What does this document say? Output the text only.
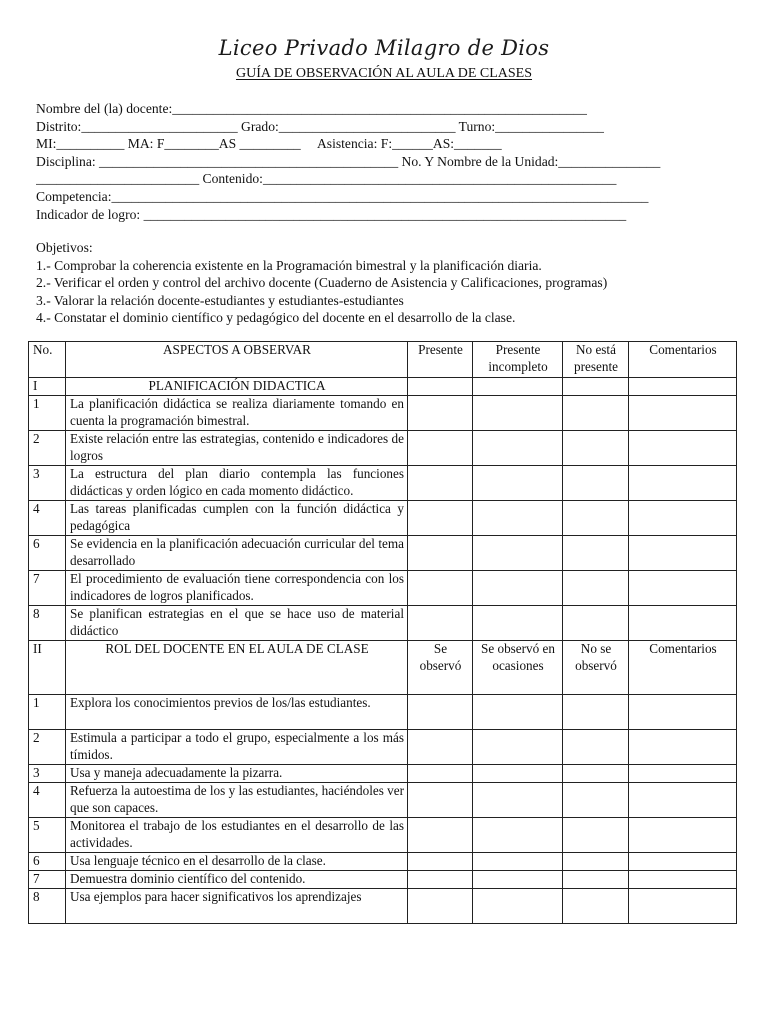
Liceo Privado Milagro de Dios
GUÍA DE OBSERVACIÓN AL AULA DE CLASES
Nombre del (la) docente:_____________________________________________________________
Distrito:_______________________ Grado:__________________________ Turno:________________
MI:__________ MA: F________AS _________     Asistencia: F:______AS:_______
Disciplina: ____________________________________________ No. Y Nombre de la Unidad:_______________
________________________ Contenido:____________________________________________________
Competencia:_______________________________________________________________________________
Indicador de logro: _______________________________________________________________________
Objetivos:
1.- Comprobar la coherencia existente en la Programación bimestral y la planificación diaria.
2.- Verificar el orden y control del archivo docente (Cuaderno de Asistencia y Calificaciones, programas)
3.- Valorar la relación docente-estudiantes y estudiantes-estudiantes
4.- Constatar el dominio científico y pedagógico del docente en el desarrollo de la clase.
No.	ASPECTOS A OBSERVAR	Presente	Presente incompleto	No está presente	Comentarios
I	PLANIFICACIÓN DIDACTICA				
1	La planificación didáctica se realiza diariamente tomando en cuenta la programación bimestral.				
2	Existe relación entre las estrategias, contenido e indicadores de logros				
3	La estructura del plan diario contempla las funciones didácticas y orden lógico en cada momento didáctico.				
4	Las tareas planificadas cumplen con la función didáctica y pedagógica				
6	Se evidencia en la planificación adecuación curricular del tema desarrollado				
7	El procedimiento de evaluación tiene correspondencia con los indicadores de logros planificados.				
8	Se planifican estrategias en el que se hace uso de material didáctico				
II	ROL DEL DOCENTE EN EL AULA DE CLASE	Se observó	Se observó en ocasiones	No se observó	Comentarios
1	Explora los conocimientos previos de los/las estudiantes.				
2	Estimula a participar a todo el grupo, especialmente a los más tímidos.				
3	Usa y maneja adecuadamente la pizarra.				
4	Refuerza la autoestima de los y las estudiantes, haciéndoles ver que son capaces.				
5	Monitorea el trabajo de los estudiantes en el desarrollo de las actividades.				
6	Usa lenguaje técnico en el desarrollo de la clase.				
7	Demuestra dominio científico del contenido.				
8	Usa ejemplos para hacer significativos los aprendizajes				
